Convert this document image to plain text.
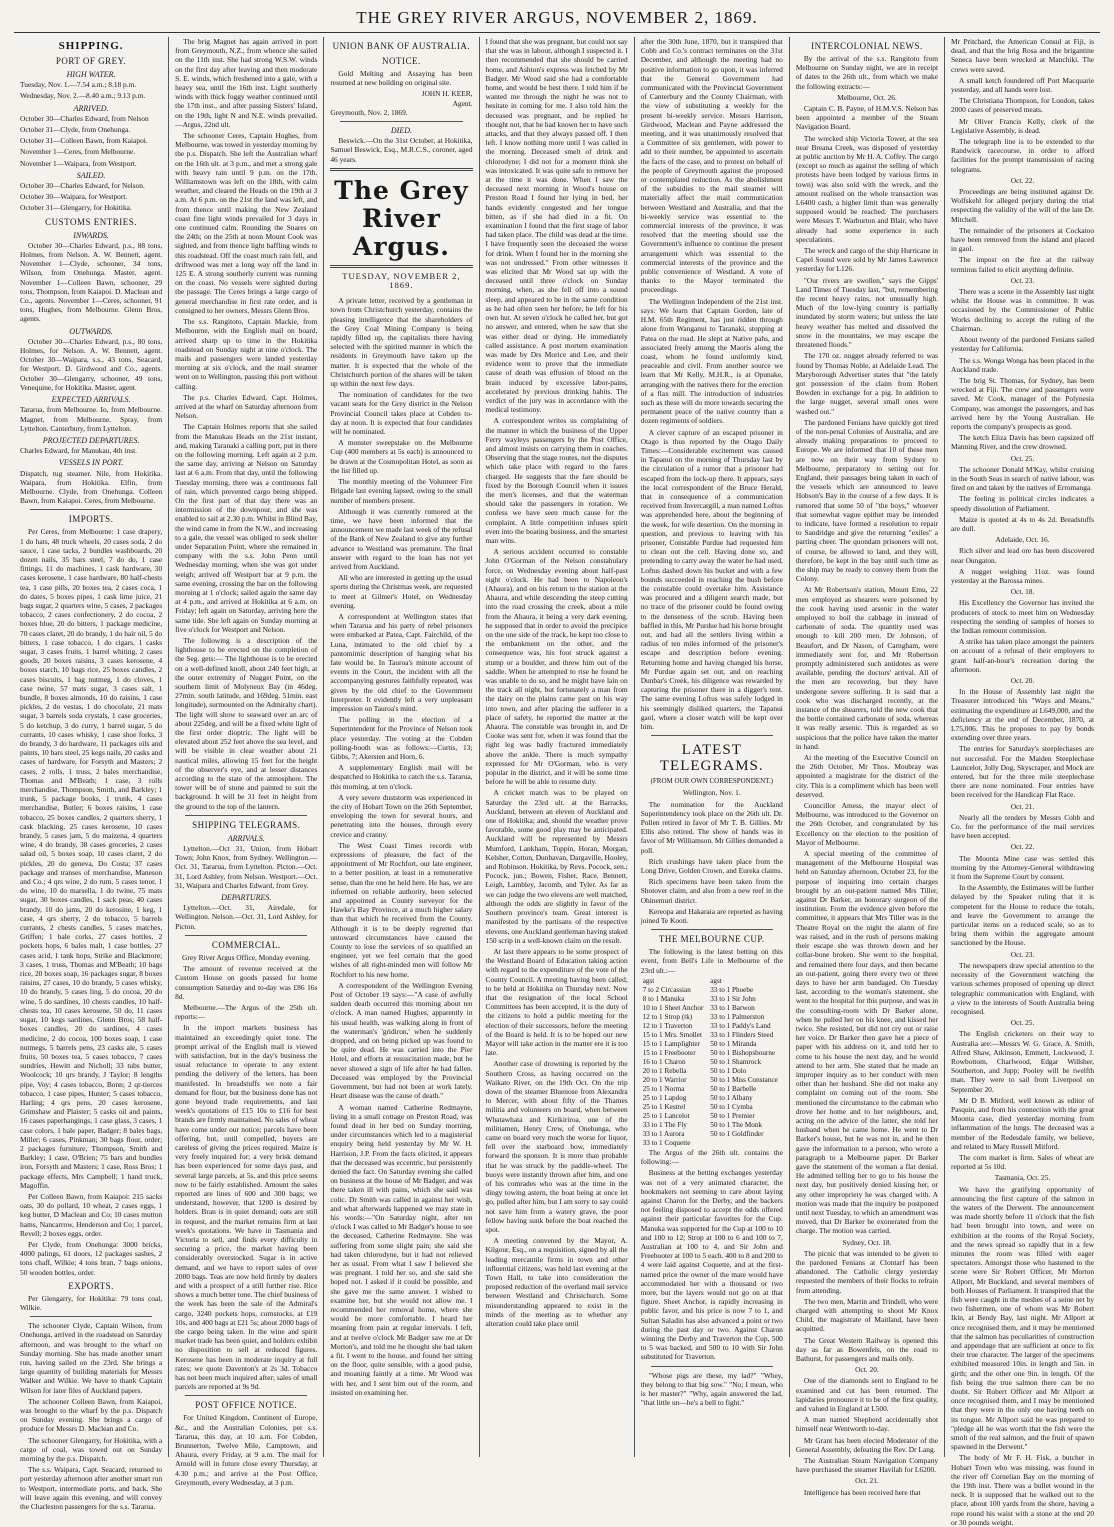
THE GREY RIVER ARGUS, NOVEMBER 2, 1869.
SHIPPING.
PORT OF GREY.
HIGH WATER.

Tuesday, Nov. 1.—7.54 a.m.; 8.18 p.m.

Wednesday, Nov. 2.—8.40 a.m.; 9.13 p.m.

ARRIVED.

October 30—Charles Edward, from Nelson

October 31—Clyde, from Onehunga.

October 31—Colleen Bawn, from Kaiapoi.

November 1—Ceres, from Melbourne.

November 1—Waipara, from Westport.

SAILED.

October 30—Charles Edward, for Nelson.

October 30—Waipara, for Westport.

October 31—Glengarry, for Hokitika.

CUSTOMS ENTRIES.
INWARDS.

October 30—Charles Edward, p.s., 88 tons, Holmes, from Nelson. A. W. Bennett, agent. November 1—Clyde, schooner, 34 tons, Wilson, from Onehunga. Master, agent. November 1—Colleen Bawn, schooner, 29 tons, Thompson, from Kaiapoi. D. Maclean and Co., agents. November 1—Ceres, schooner, 91 tons, Hughes, from Melbourne. Glenn Bros, agents.

OUTWARDS.

October 30—Charles Edward, p.s., 80 tons, Holmes, for Nelson. A. W. Bennett, agent. October 30—Waipara, s.s., 43 tons, Seacard, for Westport. D. Girdwood and Co., agents. October 30—Glengarry, schooner, 49 tons, Venequine, for Hokitika. Master, agent.

EXPECTED ARRIVALS.

Tararua, from Melbourne. Io, from Melbourne. Magnet, from Melbourne. Spray, from Lyttelton. Canterbury, from Lyttelton.

PROJECTED DEPARTURES.

Charles Edward, for Manukau, 4th inst.

VESSELS IN PORT.

Dispatch, tug steamer. Nile, from Hokitika. Waipara, from Hokitika. Elfin, from Melbourne. Clyde, from Onehunga. Colleen Bawn, from Kaiapoi. Ceres, from Melbourne.

IMPORTS.

Per Ceres, from Melbourne: 1 case drapery, 1 do hats, 48 truck wheels, 20 cases soda, 2 do sauce, 1 case tacks, 2 bundles washboards, 20 dozen nails, 35 bars steel, 7 do do, 1 case fittings, 11 do machines, 1 cask hardware, 30 cases kerosene, 1 case hardware, 80 half-chests tea, 1 case pills, 20 boxes tea, 2 cases coca, 1 do dates, 5 boxes pipes, 1 cask lime juice, 21 bags sugar, 2 quarters wine, 5 cases, 2 packages tobacco, 2 cases confectionery, 2 do cocoa, 2 boxes blue, 20 do bitters, 1 package medicine, 70 cases claret, 20 do brandy, 1 do hair oil, 5 do bitters, 1 case tobacco, 1 do cigars, 1 casks sugar, 3 cases fruits, 1 barrel whiting, 2 cases goods, 20 boxes raisins, 3 cases kerosene, 4 boxes starch, 10 bags rice, 25 boxes candles, 2 cases biscuits, 1 bag nutmeg, 1 do cloves, 1 case twine, 57 mats sugar, 3 cases salt, 1 bundle, 8 boxes almonds, 10 do raisins, 1 case pickles, 2 do vestas, 1 do chocolate, 21 mats sugar, 3 barrels soda crystals, 1 case groceries, 5 do ketchup, 3 do curry, 1 barrel sugar, 5 do currants, 10 cases whisky, 1 case shoe forks, 3 do brandy, 3 do hardware, 11 packages oils and paints, 10 bars steel, 25 kegs nails, 20 casks and cases of hardware, for Forsyth and Masters; 2 cases, 2 rolls, 1 truss, 2 bales merchandise, Thomas and M'Beath; 1 case, 3 rolls merchandise, Thompson, Smith, and Barkley; 1 trunk, 5 package books, 1 trunk, 4 cases merchandise, Butler; 6 boxes raisins, 1 case tobacco, 25 boxes candles, 2 quarters sherry, 1 cask blacking, 25 cases kerosene, 10 cases brandy, 5 cases jam, 5 do maizena, 4 quarters wine, 4 do brandy, 38 cases groceries, 2 cases salad oil, 5 boxes soap, 10 cases claret, 2 do pickles, 20 do geneva, Do Costa; 37 cases package and transes of merchandise, Maneson and Co.; 4 qrs wine, 2 do rum, 5 cases tenor, 1 do wine, 10 do marsella, 1 do twine, 75 mats sugar, 30 boxes candles, 1 sack peas, 40 cases brandy, 10 do jams, 20 do kerosine, 1 keg, 1 case, 4 qrs sherry, 2 do tobacco, 5 barrels currants, 2 chests candles, 5 cases matches, Griffen; 1 bale corks, 27 cases bottles, 2 pockets hops, 6 bales malt, 1 case bottles, 27 cases acid, 1 tank hops, Strike and Blackmore; 3 cases, 1 truss, Thomas and M'Beath; 10 bags rice, 20 boxes soap, 16 packages sugar, 8 boxes raisins, 27 cases, 10 do brandy, 5 cases whisky, 10 do brandy, 5 cases ling, 5 do cocoa, 20 do wine, 5 do sardines, 10 chests candles, 10 half-chests tea, 10 cases kerosene, 50 do, 11 cases sugar, 10 kegs sardines, Glenn Bros; 58 half-boxes candles, 20 do sardines, 4 cases medicine, 2 do cocoa, 100 boxes soap, 1 case nutmegs, 5 barrels pens, 23 casks ale, 5 cases fruits, 50 boxes tea, 5 cases tobacco, 7 cases sundries, Hewitt and Nicholl; 33 tubs butter, Woolcock; 10 qrs brandy, J Taylor; 8 lengths pipe, Voy; 4 cases tobacco, Bonn; 2 qr-tierces tobacco, 1 case pipes, Hunter; 5 cases tobacco, Harling; 4 qrs pens, 20 cases kerosene, Grimshaw and Plaister; 5 casks oil and paints, 16 cases paperhangings, 1 case glass, 3 cases, 1 case colors, 1 bale paper, Badger; 8 bales bags, Miller; 6 cases, Pinkman; 30 bags flour, order; 2 packages furniture, Thompson, Smith and Barkley; 1 case, O'Brien; 75 bars and bundles iron, Forsyth and Masters; 1 case, Ross Bros; 1 package effects, Mrs Campbell; 1 hand truck, Magoffin.

Per Colleen Bawn, from Kaiapoi: 215 sacks oats, 30 do pollard, 10 wheat, 2 cases eggs, 1 keg butter, D Maclean and Co; 10 cases mutton hams, Nancarrow, Henderson and Co; 1 parcel, Revell; 2 boxes eggs, order.

Per Clyde, from Onehunga: 3000 bricks, 4000 palings, 61 doors, 12 packages sashes, 2 tons chaff, Wilkie; 4 tons bran, 7 bags onions, 50 wooden bottles, order.

EXPORTS.

Per Glengarry, for Hokitika: 79 tons coal, Wilkie.

The schooner Clyde, Captain Wilson, from Onehunga, arrived in the roadstead on Saturday afternoon, and was brought to the wharf on Sunday morning. She has made another smart run, having sailed on the 23rd. She brings a large quantity of building materials for Messrs Walker and Wilkie. We have to thank Captain Wilson for later files of Auckland papers.

The schooner Colleen Bawn, from Kaiapoi, was brought to the wharf by the p.s. Dispatch on Sunday evening. She brings a cargo of produce for Messrs D. Maclean and Co.

The schooner Glengarry, for Hokitika, with a cargo of coal, was towed out on Sunday morning by the p.s. Dispatch.

The s.s. Waipara, Capt. Seacard, returned to port yesterday afternoon after another smart run to Westport, intermediate ports, and back. She will leave again this evening, and will convey the Charleston passengers for the s.s. Tararua.

The brig Magnet has again arrived in port from Greymouth, N.Z., from whence she sailed on the 11th inst. She had strong W.S.W. winds on the first day after leaving and then moderate S. E. winds, which freshened into a gale, with a heavy sea, until the 16th inst. Light southerly winds with thick foggy weather continued until the 17th inst., and after passing Sisters' Island, on the 19th, light N and N.E. winds prevailed. —Argus, 22nd ult.

The schooner Ceres, Captain Hughes, from Melbourne, was towed in yesterday morning by the p.s. Dispatch. She left the Australian wharf on the 16th ult. at 3 p.m., and met a strong gale with heavy rain until 9 p.m. on the 17th. Williamstown was left on the 18th, with calm weather, and cleared the Heads on the 19th at 3 a.m. At 6 p.m. on the 21st the land was left, and from thence until making the New Zealand coast fine light winds prevailed for 3 days in one continued calm. Rounding the Snares on the 24th; on the 25th at noon Mount Cook was sighted, and from thence light baffling winds to this roadstead. Off the coast much rain fell, and driftwood was met a long way off the land in 125 E. A strong southerly current was running on the coast. No vessels were sighted during the passage. The Ceres brings a large cargo of general merchandise in first rate order, and is consigned to her owners, Messrs Glenn Bros.

The s.s. Rangitoto, Captain Mackie, from Melbourne, with the English mail on board, arrived sharp up to time in the Hokitika roadstead on Sunday night at nine o'clock. The mails and passengers were landed yesterday morning at six o'clock, and the mail steamer went on to Wellington, passing this port without calling.

The p.s. Charles Edward, Capt. Holmes, arrived at the wharf on Saturday afternoon from Nelson.

The Captain Holmes reports that she sailed from the Manukau Heads on the 21st instant, and, making Taranaki a calling port, put in there on the following morning. Left again at 2 p.m. the same day, arriving at Nelson on Saturday last at 6 a.m. From that day, until the following Tuesday morning, there was a continuous fall of rain, which prevented cargo being shipped. On the first part of that day there was an intermission of the downpour, and she was enabled to sail at 2.30 p.m. Whilst in Blind Bay, the wind came in from the N.W., and increasing to a gale, the vessel was obliged to seek shelter under Separation Point, where she remained in company with the s.s. John Penn until Wednesday morning, when she was got under weigh; arrived off Westport bar at 9 p.m. the same evening, crossing the bar on the following morning at 1 o'clock; sailed again the same day at 4 p.m., and arrived at Hokitika at 6 a.m. on Friday; left again on Saturday, arriving here the same tide. She left again on Sunday morning at five o'clock for Westport and Nelson.

The following is a description of the lighthouse to be erected on the completion of the Seg. gets:— The lighthouse is to be erected on a well-defined knoll, about 240 feet high, at the outer extremity of Nugget Point, on the southern limit of Molyneux Bay (in 46deg. 27min. south latitude, and 169deg. 51min. east longitude), surmounted on the Admiralty chart). The light will show to seaward over an arc of about 225deg, and will be a fixed white light of the first order dioptric. The light will be elevated about 252 feet above the sea level, and will be visible in clear weather about 21 nautical miles, allowing 15 feet for the height of the observer's eye, and at lesser distances according to the state of the atmosphere. The tower will be of stone and painted to suit the background. It will be 31 feet in height from the ground to the top of the lantern.

SHIPPING TELEGRAMS.
ARRIVALS.

Lyttelton.—Oct 31, Union, from Hobart Town; John Knox, from Sydney. Wellington.—Oct. 31, Tararua, from Lyttelton. Picton.—Oct. 31, Lord Ashley, from Nelson. Westport.—Oct. 31, Waipara and Charles Edward, from Grey.

DEPARTURES.

Lyttelton.—Oct. 31, Airedale, for Wellington. Nelson.—Oct. 31, Lord Ashley, for Picton.

COMMERCIAL.

Grey River Argus Office, Monday evening.

The amount of revenue received at the Custom House on goods passed for home consumption Saturday and to-day was £86 16s 8d.

Melbourne.—The Argus of the 25th ult. reports:—

In the import markets business has maintained an exceedingly quiet tone. The prompt arrival of the English mail is viewed with satisfaction, but in the day's business the usual reluctance to operate to any extent pending the delivery of the letters, has been manifested. In breadstuffs we note a fair demand for flour, but the business done has not gone beyond trade requirements, and last week's quotations of £15 10s to £16 for best brands are firmly maintained. No sales of wheat have come under our notice; parcels have been offering, but, until compelled, buyers are careless of giving the prices required. Maize is very freely inquired for; a very brisk demand has been experienced for some days past, and several large parcels, at 5s, and this price seems now to be fairly established. Amount the sales reported are lines of 600 and 300 bags; we understand, however, that 1200 is desired by holders. Bran is in quiet demand; oats are still in request, and the market remains firm at last week's quotations. We have in Tasmania and Victoria to sell, and finds every difficulty in securing a price, the market having been considerably overstocked. Sugar is in active demand, and we have to report sales of over 2000 bags. Teas are now held firmly by dealers and with a prospect of a still further rise. Rice shows a much better tone. The chief business of the week has been the sale of the Admiral's cargo, 3240 pockets hops, cornstocks, at £19 10s, and 400 bags at £21 5s; about 2000 bags of the cargo being taken. In the wine and spirit market trade has been quiet, and holders exhibit no disposition to sell at reduced figures. Kerosene has been in moderate inquiry at full rates; we quote Daventon's at 2s 3d. Tobacco has not been much inquired after; sales of small parcels are reported at 9s 9d.

POST OFFICE NOTICE.

For United Kingdom, Continent of Europe, &c., and the Australian Colonies, per s.s. Tararua, this day, at 10 a.m. For Cobden, Brunnerton, Twelve Mile, Camptown, and Ahaura, every Friday, at 9 a.m. The mail for Arnold will in future close every Thursday, at 4.30 p.m.; and arrive at the Post Office, Greymouth, every Wednesday, at 3 p.m.

UNION BANK OF AUSTRALIA.
NOTICE.

Gold Melting and Assaying has been resumed at new building on original site.

JOHN H. KEER,
Agent.

Greymouth, Nov. 2, 1869.

DIED.

Beswick.—On the 31st October, at Hokitika, Samuel Beswick, Esq., M.R.C.S., coroner, aged 46 years.

The Grey River Argus.
TUESDAY, NOVEMBER 2, 1869.

A private letter, received by a gentleman in town from Christchurch yesterday, contains the pleasing intelligence that the shareholders of the Grey Coal Mining Company is being rapidly filled up, the capitalists there having selected with the spirited manner in which the residents in Greymouth have taken up the matter. It is expected that the whole of the Christchurch portion of the shares will be taken up within the next few days.

The nomination of candidates for the two vacant seats for the Grey district in the Nelson Provincial Council takes place at Cobden to-day at noon. It is expected that four candidates will be nominated.

A monster sweepstake on the Melbourne Cup (400 members at 5s each) is announced to be drawn at the Cosmopolitan Hotel, as soon as the list filled up.

The monthly meeting of the Volunteer Fire Brigade last evening lapsed, owing to the small number of members present.

Although it was currently rumored at the time, we have been informed that the announcement we made last week of the refusal of the Bank of New Zealand to give any further advance to Westland was premature. The final answer with regard to the loan has not yet arrived from Auckland.

All who are interested in getting up the usual sports during the Christmas week, are requested to meet at Gilmer's Hotel, on Wednesday evening.

A correspondent at Wellington states that when Tararua and his party of rebel prisoners were embarked at Patea, Capt. Fairchild, of the Luna, intimated to the old chief by a pantomimic description of hanging what his fate would be. In Tauroa's minute account of events in the Court, the incident with all the accompanying gestures faithfully repeated, was given by the old chief to the Government Interpreter. It evidently left a very unpleasant impression on Tauroa's mind.

The polling in the election of a Superintendent for the Province of Nelson took place yesterday. The voting at the Cobden polling-booth was as follows:—Curtis, 13; Gibbs, 7; Akersten and Horn, 6.

A supplementary English mail will be despatched to Hokitika to catch the s.s. Tararua, this morning, at ten o'clock.

A very severe duststorm was experienced in the city of Hobart Town on the 26th September, enveloping the town for several hours, and penetrating into the houses, through every crevice and cranny.

The West Coast Times records with expressions of pleasure, the fact of the appointment of Mr Rochfort, our late engineer, to a better position, at least in a remunerative sense, than the one he held here. He has, we are informed on reliable authority, been selected and appointed as County surveyor for the Hawke's Bay Province, at a much higher salary than that which he received from the County. Although it is to be deeply regretted that untoward circumstances have caused the County to lose the services of so qualified an engineer, yet we feel certain that the good wishes of all right-minded men will follow Mr Rochfort to his new home.

A correspondent of the Wellington Evening Post of October 19 says:—"A case of awfully sudden death occurred this morning about ten o'clock. A man named Hughes, apparently in his usual health, was walking along in front of the waterman's 'gridiron,' when he suddenly dropped, and on being picked up was found to be quite dead. He was carried into the Pier Hotel, and efforts at resuscitation made, but he never showed a sign of life after he had fallen. Deceased was employed by the Provincial Government, but had not been at work lately. Heart disease was the cause of death."

A woman named Catherine Redmayne, living in a small cottage on Preston Road, was found dead in her bed on Sunday morning, under circumstances which led to a magisterial enquiry being held yesterday by Mr W. H. Harrison, J.P. From the facts elicited, it appears that the deceased was eccentric, but persistently denied the fact. On Saturday evening she called on business at the house of Mr Badger, and was there taken ill with pains, which she said was colic. Dr Smith was called in against her wish, and what afterwards happened we may state in his words:—"On Saturday night, after ten o'clock I was called to Mr Badger's house to see the deceased, Catherine Redmayne. She was suffering from some slight pain; she said she had taken chlorodyne, but it had not relieved her as usual. From what I saw I believed she was pregnant. I told her so, and she said she hoped not. I asked if it could be possible, and she gave me the same answer. I wished to examine her, but she would not allow me. I recommended her removal home, where she would be more comfortable. I heard her moaning from pain at regular intervals. I left, and at twelve o'clock Mr Badger saw me at Dr Morton's, and told me he thought she had taken a fit. I went to the house, and found her sitting on the floor, quite sensible, with a good pulse, and moaning faintly at a time. Mr Wood was with her, and I sent him out of the room, and insisted on examining her.

I found that she was pregnant, but could not say that she was in labour, although I suspected it. I then recommended that she should be carried home, and Ashton's express was fetched by Mr Badger. Mr Wood said she had a comfortable home, and would be best there. I told him if he wanted me through the night he was not to hesitate in coming for me. I also told him the deceased was pregnant, and he replied he thought not, that he had known her to have such attacks, and that they always passed off. I then left. I know nothing more until I was called in the morning. Deceased smelt of drink and chlorodyne; I did not for a moment think she was intoxicated. It was quite safe to remove her at the time it was done. When I saw the deceased next morning in Wood's house on Preston Road I found her lying in bed, her hands evidently congested and her tongue bitten, as if she had died in a fit. On examination I found that the first stage of labor had taken place. The child was dead at the time. I have frequently seen the deceased the worse for drink. When I found her in the morning she was not undressed." From other witnesses it was elicited that Mr Wood sat up with the deceased until three o'clock on Sunday morning, when, as she fell off into a sound sleep, and appeared to be in the same condition as he had often seen her before, he left for his own hut. At seven o'clock he called her, but got no answer, and entered, when he saw that she was either dead or dying. He immediately called assistance. A post mortem examination was made by Drs Morice and Lee, and their evidence went to prove that the immediate cause of death was effusion of blood on the brain induced by excessive labor-pains, accelerated by previous drinking habits. The verdict of the jury was in accordance with the medical testimony.

A correspondent writes us complaining of the manner in which the business of the Upper Ferry wayleys passengers by the Post Office, and almost insists on carrying them in coaches. Observing that the stage routes, not the disputes which take place with regard to the fares charged. He suggests that the fare should be fixed by the Borough Council when it issues the men's licenses, and that the waterman should take the passengers in rotation. We confess we have seen much cause for the complaint. A little competition infuses spirit even into the boating business, and the smartest man wins.

A serious accident occurred to constable John O'Gorman of the Nelson constabulary force, on Wednesday evening about half-past eight o'clock. He had been to Napoleon's (Ahaura), and on his return to the station at the Ahaura, and while descending the steep cutting into the road crossing the creek, about a mile from the Ahaura, it being a very dark evening, he supposed that in order to avoid the precipice on the one side of the track, he kept too close to the embankment on the other, and the consequence was, his foot struck against a stump or a boulder, and threw him out of the saddle. When he attempted to rise he found he was unable to do so, and he might have lain on the track all night, but fortunately a man from the dairy on the plains came past on his way into town, and after placing the sufferer in a place of safety, he reported the matter at the Ahaura. The constable was brought in, and Dr Cooke was sent for, when it was found that the right leg was badly fractured immediately above the ankle. There is much sympathy expressed for Mr O'Gorman, who is very popular in the district, and it will be some time before he will be able to resume duty.

A cricket match was to be played on Saturday the 23rd ult. at the Barracks, Auckland, between an eleven of Auckland and one of Hokitika; and, should the weather prove favorable, some good play may be anticipated. Auckland will be represented by Messrs Mumford, Lankham, Toppin, Horan, Morgan, Kelsher, Cotton, Dunbavan, Dargaville, Hooley, and Robinson. Hokitika, by Revs. Pocock, sen.; Pocock, jun.; Bowen, Fisher, Race, Bennett, Leigh, Lambley, Jacomb, and Tyler. As far as we can judge the two elevens are well matched, although the odds are slightly in favor of the Southern province's team. Great interest is manifested by the partisans of the respective elevens, one Auckland gentleman having staked 150 scrip in a well-known claim on the result.

At last there appears to be some prospect of the Westland Board of Education taking action with regard to the expenditure of the vote of the County Council. A meeting having been called, to be held at Hokitika on Thursday next. Now that the resignation of the local School Committees has been accepted, it is the duty of the citizens to hold a public meeting for the election of their successors, before the meeting of the Board is held. It is to be hoped our new Mayor will take action in the matter ere it is too late.

Another case of drowning is reported by the Southern Cross, as having occurred on the Waikato River, on the 19th Oct. On the trip down of the steamer Bluenose from Alexandra to Mercer, with about fifty of the Thames militia and volunteers on board, when between Whatawhata and Kirikiriroa, one of the militiamen, Henry Crew, of Onehunga, who came on board very much the worse for liquor, fell over the starboard bow, immediately forward the sponson. It is more than probable that he was struck by the paddle-wheel. The buoys were instantly thrown after him, and one of his comrades who was at the time in the dingy towing astern, the boat being at once let go, pulled after him, but I am sorry to say could not save him from a watery grave, the poor fellow having sunk before the boat reached the spot.

A meeting convened by the Mayor, A. Kilgour, Esq., on a requisition, signed by all the leading mercantile firms in town and other influential citizens, was held last evening at the Town Hall, to take into consideration the proposed reduction of the overland mail service between Westland and Christchurch. Some misunderstanding appeared to exist in the minds of the meeting as to whether any alteration could take place until

after the 30th June, 1870, but it transpired that Cobb and Co.'s contract terminates on the 31st December, and although the meeting had no positive information to go upon, it was inferred that the General Government had communicated with the Provincial Government of Canterbury and the County Chairman, with the view of substituting a weekly for the present bi-weekly service. Messrs Harrison, Girdwood, Maclean and Payne addressed the meeting, and it was unanimously resolved that a Committee of six gentlemen, with power to add to their number, be appointed to ascertain the facts of the case, and to protest on behalf of the people of Greymouth against the proposed or contemplated reduction. As the abolishment of the subsidies to the mail steamer will materially affect the mail communication between Westland and Australia, and that the bi-weekly service was essential to the commercial interests of the province, it was resolved that the meeting should use the Government's influence to continue the present arrangement which was essential to the commercial interests of the province and the public convenience of Westland. A vote of thanks to the Mayor terminated the proceedings.

The Wellington Independent of the 21st inst. says: We learn that Captain Gordon, late of H.M. 65th Regiment, has just ridden through alone from Wanganui to Taranaki, stopping at Patea on the road. He slept at Native pahs, and associated freely among the Maoris along the coast, whom he found uniformly kind, peaceable and civil. From another source we learn that Mr Kelly, M.H.R., is at Opunake, arranging with the natives there for the erection of a flax mill. The introduction of industries such as these will do more towards securing the permanent peace of the native country than a dozen regiments of soldiers.

A clever capture of an escaped prisoner in Otago is thus reported by the Otago Daily Times:—Considerable excitement was caused in Tapanui on the morning of Thursday last by the circulation of a rumor that a prisoner had escaped from the lock-up there. It appears, says the local correspondent of the Bruce Herald, that in consequence of a communication received from Invercargill, a man named Loftus was apprehended here, about the beginning of the week, for wife desertion. On the morning in question, and previous to leaving with his prisoner, Constable Purdue had requested him to clean out the cell. Having done so, and pretending to carry away the water he had used, Loftus dashed down his bucket and with a few bounds succeeded in reaching the bush before the constable could overtake him. Assistance was procured and a diligent search made, but no trace of the prisoner could be found owing to the denseness of the scrub. Having been baffled in this, Mr Purdue had his horse brought out, and had all the settlers living within a radius of ten miles informed of the prisoner's escape and description before evening. Returning home and having changed his horse, Mr Purdue again set out, and on reaching Dunbar's Creek, his diligence was rewarded by capturing the prisoner there in a digger's tent. The same evening Loftus was safely lodged in his seemingly disliked quarters, the Tapanui gaol, where a closer watch will be kept over him.

LATEST TELEGRAMS.
(FROM OUR OWN CORRESPONDENT.)

Wellington, Nov. 1.

The nomination for the Auckland Superintendency took place on the 26th ult. Dr. Pollen retired in favor of Mr T. B. Gillies. Mr Ellis also retired. The show of hands was in favor of Mr Williamson. Mr Gillies demanded a poll.

Rich crushings have taken place from the Long Drive, Golden Crown, and Eureka claims.

Rich specimens have been taken from the Shotover claim, and also from a new reef in the Ohinemuri district.

Kereopa and Hakaraia are reported as having joined Te Kooti.

THE MELBOURNE CUP.

The following is the latest betting on this event, from Bell's Life in Melbourne of the 23rd ult.:—

agst	agst
7 to 2 Circassian	33 to 1 Phoebe
8 to 1 Manuka	33 to 1 Sir John
10 to 1 Sheet Anchor	33 to 1 Barwon
12 to 1 Strop (tk)	33 to 1 Palmerston
12 to 1 Traverton	33 to 1 Paddy's Land
15 to 1 Mrs. Smollet	33 to 1 Flinders Steed
15 to 1 Lamplighter	50 to 1 Miranda
15 to 1 Freebooter	50 to 1 Bishopsbourne
16 to 1 Charon	50 to 1 Shamrock
20 to 1 Rebella	50 to 1 Dolo
20 to 1 Warrior	50 to 1 Miss Constance
25 to 1 Norma	50 to 1 Barbelle
25 to 1 Lapdog	50 to 1 Albany
25 to 1 Kestrel	50 to 1 Cymba
25 to 1 Lancelot	50 to 1 Premier
33 to 1 The Fly	50 to 1 The Monk
33 to 1 Aurora	50 to 1 Goldfinder
33 to 1 Coquette	

The Argus of the 26th ult. contains the following:—

Business at the betting exchanges yesterday was not of a very animated character, the bookmakers not seeming to care about laying against Charon for the Derby, and the backers not feeling disposed to accept the odds offered against their particular favorites for the Cup. Manuka was supported for the Cup at 100 to 10 and 100 to 12; Strop at 100 to 6 and 100 to 7, Australian at 100 to 4, and Sir John and Freebooter at 100 to 5 each. 400 to 8 and 200 to 4 were laid against Coquette, and at the first-named price the owner of the mare would have accommodated her with a thousand or two more, but the layers would not go on at that figure. Sheet Anchor, is rapidly increasing in public favor, and his price is now 7 to 1, and Sultan Saladin has also advanced a point or two during the past day or two. Against Charon winning the Derby and Traverton the Cup, 500 to 5 was backed, and 500 to 10 with Sir John substituted for Traverton.

"Whose pigs are these, my lad?" "Whey, they belong to that big sow." "No; I mean, who is her master?" "Why, again answered the lad, "that little un—he's a bell to fight."

INTERCOLONIAL NEWS.

By the arrival of the s.s. Rangitoto from Melbourne on Sunday night, we are in receipt of dates to the 26th ult., from which we make the following extracts:—

Melbourne, Oct. 26.

Captain C. B. Payne, of H.M.V.S. Nelson has been appointed a member of the Steam Navigation Board.

The wrecked ship Victoria Tower, at the sea near Breana Creek, was disposed of yesterday at public auction by Mr H. A. Coffey. The cargo (except so much as against the selling of which protests have been lodged by various firms in town) was also sold with the wreck, and the amount realised on the whole transaction was L6400 cash, a higher limit than was generally supposed would be reached. The purchasers were Messrs T. Warburton and Blair, who have already had some experience in such speculations.

The wreck and cargo of the ship Hurricane in Capel Sound were sold by Mr James Lawrence yesterday for L126.

"Our rivers are swollen," says the Gipps' Land Times of Tuesday last, "but, remembering the recent heavy rains, not unusually high. Much of the low-lying country is partially inundated by storm waters; but unless the late heavy weather has melted and dissolved the snow in the mountains, we may escape the threatened floods."

The 170 oz. nugget already referred to was found by Thomas Noble, at Adelaide Lead. The Maryborough Advertiser states that "the lately got possession of the claim from Robert Bowden in exchange for a pig. In addition to the large nugget, several small ones were washed out."

The pardoned Fenians have quickly got tired of the non-penal Colonies of Australia, and are already making preparations to proceed to Europe. We are informed that 10 of these men are now on their way from Sydney to Melbourne, preparatory to setting out for England, their passages being taken in each of the vessels which are announced to leave Hobson's Bay in the course of a few days. It is rumored that some 50 of "the boys," whoever that somewhat vague epithet may be intended to indicate, have formed a resolution to repair to Sandridge and give the returning "exiles" a parting cheer. The quondam prisoners will not, of course, be allowed to land, and they will, therefore, be kept in the bay until such time as the ship may be ready to convey them from the Colony.

At Mr Robertson's station, Mount Emu, 22 men employed as shearers were poisoned by the cook having used arsenic in the water employed to boil the cabbage in instead of carbonate of soda. The quantity used was enough to kill 200 men. Dr Johnson, of Beaufort, and Dr Nason, of Carngham, were immediately sent for, and Mr Robertson promptly administered such antidotes as were available, pending the doctors' arrival. All of the men are recovering, but they have undergone severe suffering. It is said that a cook who was discharged recently, at the instance of the shearers, told the new cook that the bottle contained carbonate of soda, whereas it was really arsenic. This is regarded as so suspicious that the police have taken the matter in hand.

At the meeting of the Executive Council on the 26th October, Mr Thos. Moubray was appointed a magistrate for the district of the city. This is a compliment which has been well deserved.

Councillor Amess, the mayor elect of Melbourne, was introduced to the Governor on the 26th October, and congratulated by his Excellency on the election to the position of Mayor of Melbourne.

A special meeting of the committee of management of the Melbourne Hospital was held on Saturday afternoon, October 23, for the purpose of inquiring into certain charges brought by an out-patient named Mrs Tiller, against Dr Barker, an honorary surgeon of the institution. From the evidence given before the committee, it appears that Mrs Tiller was in the Theatre Royal on the night the alarm of fire was raised, and in the rush of persons making their escape she was thrown down and her collar-bone broken. She went to the hospital, and remained there four days, and then became an out-patient, going there every two or three days to have her arm bandaged. On Tuesday last, according to the woman's statement, she went to the hospital for this purpose, and was in the consulting-room with Dr Barker alone, when he pulled her on his knee, and kissed her twice. She resisted, but did not cry out or raise her voice. Dr Barker then gave her a piece of paper with his address on it, and told her to come to his house the next day, and he would attend to her arm. She stated that he made an improper inquiry as to her conduct with men other than her husband. She did not make any complaint on coming out of the room. She mentioned the circumstance to the cabman who drove her home and to her neighbours, and, acting on the advice of the latter, she told her husband when he came home. He went to Dr Barker's house, but he was not in, and he then gave the information to a person, who wrote a paragraph to a Melbourne paper. Dr Barker gave the statement of the woman a flat denial. He admitted telling her to go to his house the next day, but positively denied kissing her, or any other impropriety he was charged with. A motion was made that the inquiry be postponed until next Tuesday, to which an amendment was moved, that Dr Barker be exonerated from the charge. The motion was carried.

Sydney, Oct. 18.

The picnic that was intended to be given to the pardoned Fenians at Clontarf has been abandoned. The Catholic clergy yesterday requested the members of their flocks to refrain from attending.

The two men, Martin and Trindell, who were charged with attempting to shoot Mr Knox Child, the magistrate of Maitland, have been acquitted.

The Great Western Railway is opened this day as far as Bowenfels, on the road to Bathurst, for passengers and mails only.

Oct. 20.

One of the diamonds sent to England to be examined and cut has been returned. The lapidaries pronounce it to be of the first quality, and valued in England at L500.

A man named Shepherd accidentally shot himself near Wentworth to-day.

Mr Grant has been elected Moderator of the General Assembly, defeating the Rev. Dr Lang.

The Australian Steam Navigation Company have purchased the steamer Havilah for L6200.

Oct. 21.

Intelligence has been received here that

Mr Pritchard, the American Consul at Fiji, is dead, and that the brig Rosa and the brigantine Seneca have been wrecked at Manchiki. The crews were saved.

A small ketch foundered off Port Macquarie yesterday, and all hands were lost.

The Christiana Thompson, for London, takes 2000 cases of preserved meats.

Mr Oliver Francis Kelly, clerk of the Legislative Assembly, is dead.

The telegraph line is to be extended to the Randwick racecourse, in order to afford facilities for the prompt transmission of racing telegrams.

Oct. 22.

Proceedings are being instituted against Dr. Wolfskehl for alleged perjury during the trial respecting the validity of the will of the late Dr. Mitchell.

The remainder of the prisoners at Cockatoo have been removed from the island and placed in gaol.

The impost on the fire at the railway terminus failed to elicit anything definite.

Oct. 23.

There was a scene in the Assembly last night whilst the House was in committee. It was occasioned by the Commissioner of Public Works declining to accept the ruling of the Chairman.

About twenty of the pardoned Fenians sailed yesterday for California.

The s.s. Wonga Wonga has been placed in the Auckland trade.

The brig St. Thomas, for Sydney, has been wrecked at Fiji. The crew and passengers were saved. Mr Cook, manager of the Polynesia Company, was amongst the passengers, and has arrived here by the Young Australian. He reports the company's prospects as good.

The ketch Eliza Davis has been capsized off Manning River, and the crew drowned.

Oct. 25.

The schooner Donald M'Kay, whilst cruising in the South Seas in search of native labour, was fired on and taken by the natives of Erromanga.

The feeling in political circles indicates a speedy dissolution of Parliament.

Maize is quoted at 4s to 4s 2d. Breadstuffs are dull.

Adelaide, Oct. 16.

Rich silver and lead ore has been discovered near Oungaton.

A nugget weighing 11oz. was found yesterday at the Barossa mines.

Oct. 18.

His Excellency the Governor has invited the producers of stock to meet him on Wednesday respecting the sending of samples of horses to the Indian remount commission.

A strike has taken place amongst the painters on account of a refusal of their employers to grant half-an-hour's recreation during the afternoon.

Oct. 20.

In the House of Assembly last night the Treasurer introduced his "Ways and Means," estimating the expenditure at L649,000, and the deficiency at the end of December, 1870, at L75,006. This he proposes to pay by bonds extending over three years.

The entries for Saturday's steeplechases are not successful. For the Maiden Steeplechase Launcelot, Jolly Dog, Skyscraper, and Mock are entered, but for the three mile steeplechase there are none nominated. Four entries have been received for the Handicap Flat Race.

Oct. 21.

Nearly all the tenders by Messrs Cobb and Co. for the performance of the mail services have been accepted.

Oct. 22.

The Moonta Mine case was settled this morning by the Attorney-General withdrawing it from the Supreme Court by consent.

In the Assembly, the Estimates will be further delayed by the Speaker ruling that it is competent for the House to reduce the totals, and leave the Government to arrange the particular items on a reduced scale, so as to bring them within the aggregate amount sanctioned by the House.

Oct. 23.

The newspapers draw special attention to the necessity of the Government watching the various schemes proposed of opening up direct telegraphic communication with England, with a view to the interests of South Australia being recognised.

Oct. 25.

The English cricketers on their way to Australia are:—Messrs W. G. Grace, A. Smith, Alfred Shaw, Atkinson, Emmett, Lockwood, J. Rowbottom, Charlwood, Edgar Willsher, Southerton, and Jupp; Pooley will be twelfth man. They were to sail from Liverpool on September 20.

Mr D B. Mitford, well known as editor of Pasquin, and from his connection with the great Moonta case, died yesterday morning from inflammation of the lungs. The deceased was a member of the Redesdale family, we believe, and related to Mary Russell Mitford.

The corn market is firm. Sales of wheat are reported at 5s 10d.

Tasmania, Oct. 25.

We have the gratifying opportunity of announcing the first capture of the salmon in the waters of the Derwent. The announcement was made shortly before 11 o'clock that the fish had been brought into town, and were on exhibition at the rooms of the Royal Society, and the news spread so rapidly that in a few minutes the room was filled with eager spectators. Amongst those who hastened to the scene were Sir Robert Officer, Mr Morton Allport, Mr Buckland, and several members of both Houses of Parliament. It transpired that the fish were caught in the meshes of a seine net by two fishermen, one of whom was Mr Robert Ikin, at Bendy Bay, last night. Mr Allport at once recognised them, and it may be mentioned that the salmon has peculiarities of construction and appendage that are sufficient at once to fix their true character. The larger of the specimens exhibited measured 10in. in length and 5in. in girth; and the other one 9in. in length. Of the fish being the true salmon there can be no doubt. Sir Robert Officer and Mr Allport at once recognised them, and I may be mentioned that they were in the only one having teeth on its tongue. Mr Allport said he was prepared to "pledge all he was worth that the fish were the smolt of the real salmon, and the fruit of spawn spawned in the Derwent."

The body of Mr F. H. Fisk, a butcher in Hobart Town who was missing, was found in the river off Cornelian Bay on the morning of the 19th inst. There was a bullet wound in the neck. It is supposed that he walked out to the place, about 100 yards from the shore, having a rope round his waist with a stone at the end 20 or 30 pounds weight.
